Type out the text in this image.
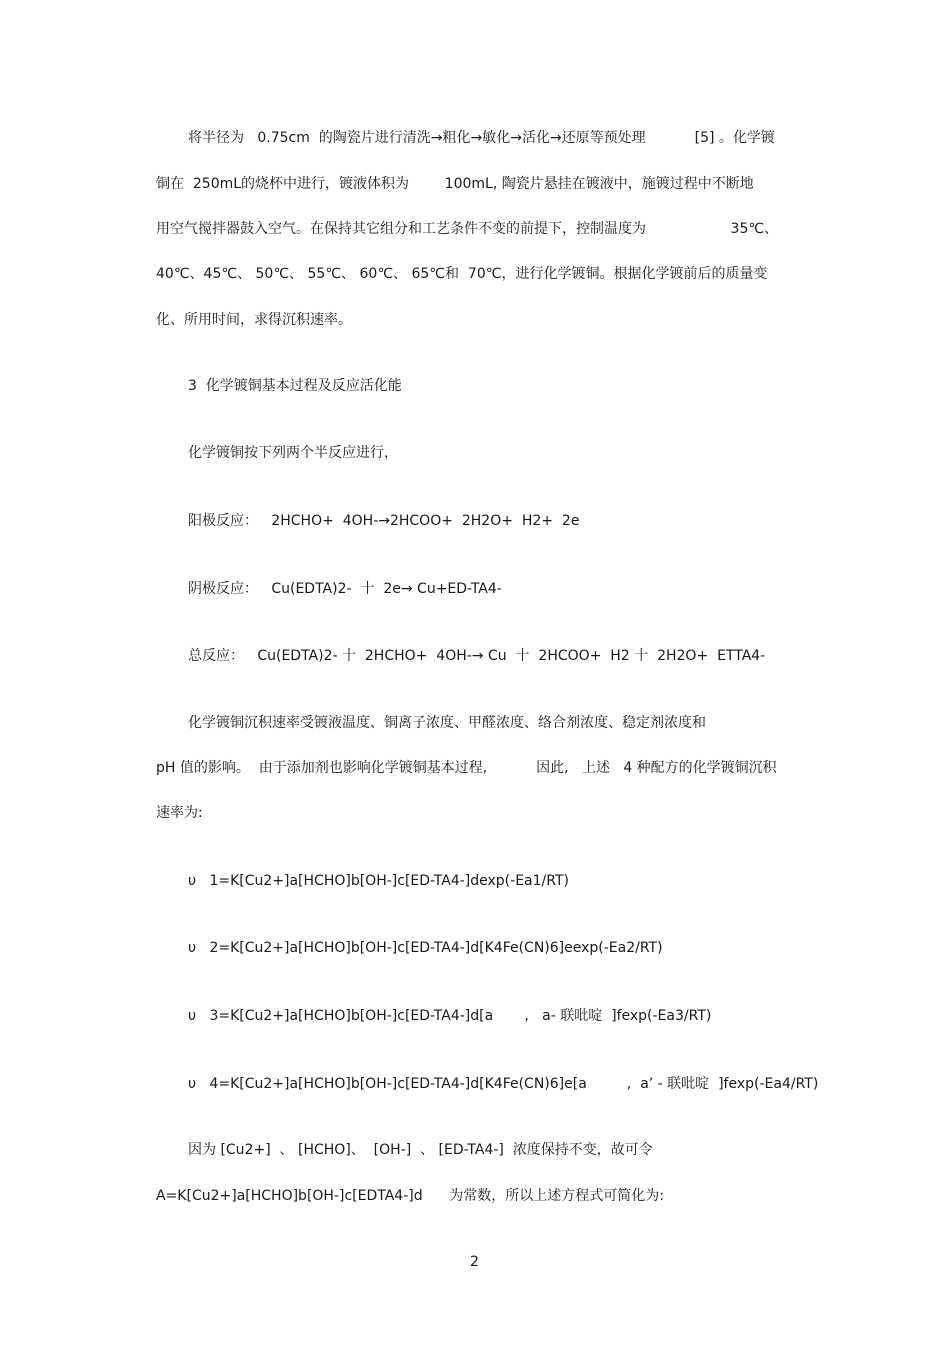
将半径为   0.75cm  的陶瓷片进行清洗→粗化→敏化→活化→还原等预处理           [5] 。化学镀
铜在  250mL的烧杯中进行，镀液体积为        100mL, 陶瓷片悬挂在镀液中，施镀过程中不断地
用空气搅拌器鼓入空气。在保持其它组分和工艺条件不变的前提下，控制温度为                   35℃、
40℃、45℃、 50℃、 55℃、 60℃、 65℃和  70℃，进行化学镀铜。根据化学镀前后的质量变
化、所用时间，求得沉积速率。
3  化学镀铜基本过程及反应活化能
化学镀铜按下列两个半反应进行，
阳极反应：   2HCHO+  4OH-→2HCOO+  2H2O+  H2+  2e
阴极反应：   Cu(EDTA)2-  十  2e→ Cu+ED-TA4-
总反应：   Cu(EDTA)2- 十  2HCHO+  4OH-→ Cu  十  2HCOO+  H2 十  2H2O+  ETTA4-
化学镀铜沉积速率受镀液温度、铜离子浓度、甲醛浓度、络合剂浓度、稳定剂浓度和
pH 值的影响。  由于添加剂也影响化学镀铜基本过程,           因此,   上述   4 种配方的化学镀铜沉积
速率为:
υ   1=K[Cu2+]a[HCHO]b[OH-]c[ED-TA4-]dexp(-Ea1/RT)
υ   2=K[Cu2+]a[HCHO]b[OH-]c[ED-TA4-]d[K4Fe(CN)6]eexp(-Ea2/RT)
υ   3=K[Cu2+]a[HCHO]b[OH-]c[ED-TA4-]d[a       ,   a- 联吡啶  ]fexp(-Ea3/RT)
υ   4=K[Cu2+]a[HCHO]b[OH-]c[ED-TA4-]d[K4Fe(CN)6]e[a         ,  a’ - 联吡啶  ]fexp(-Ea4/RT)
因为 [Cu2+]  、 [HCHO]、  [OH-]  、 [ED-TA4-]  浓度保持不变，故可令
A=K[Cu2+]a[HCHO]b[OH-]c[EDTA4-]d      为常数，所以上述方程式可简化为:
2
